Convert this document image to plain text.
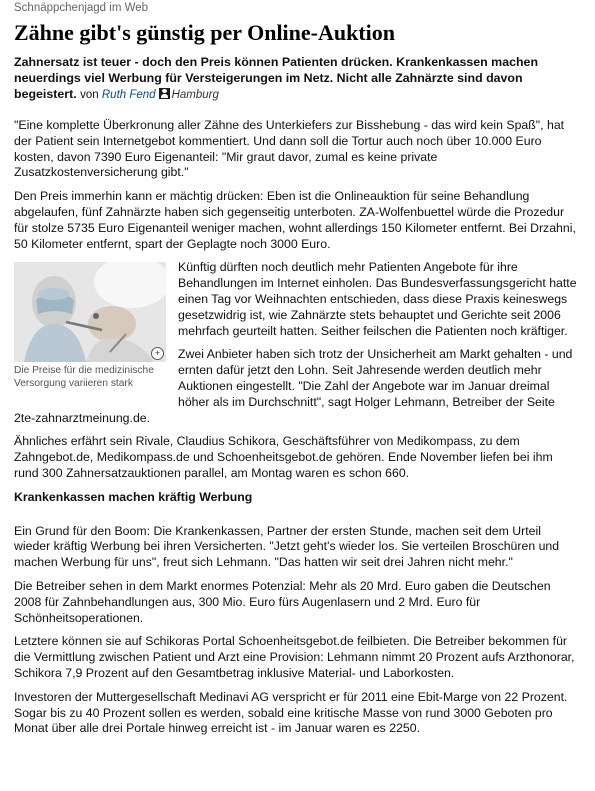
Schnäppchenjagd im Web
Zähne gibt's günstig per Online-Auktion

Zahnersatz ist teuer - doch den Preis können Patienten drücken. Krankenkassen machen neuerdings viel Werbung für Versteigerungen im Netz. Nicht alle Zahnärzte sind davon begeistert. von Ruth Fend Hamburg

"Eine komplette Überkronung aller Zähne des Unterkiefers zur Bisshebung - das wird kein Spaß", hat der Patient sein Internetgebot kommentiert. Und dann soll die Tortur auch noch über 10.000 Euro kosten, davon 7390 Euro Eigenanteil: "Mir graut davor, zumal es keine private Zusatzkostenversicherung gibt."

Den Preis immerhin kann er mächtig drücken: Eben ist die Onlineauktion für seine Behandlung abgelaufen, fünf Zahnärzte haben sich gegenseitig unterboten. ZA-Wolfenbuettel würde die Prozedur für stolze 5735 Euro Eigenanteil weniger machen, wohnt allerdings 150 Kilometer entfernt. Bei Drzahni, 50 Kilometer entfernt, spart der Geplagte noch 3000 Euro.

+
Die Preise für die medizinische Versorgung variieren stark

Künftig dürften noch deutlich mehr Patienten Angebote für ihre Behandlungen im Internet einholen. Das Bundesverfassungsgericht hatte einen Tag vor Weihnachten entschieden, dass diese Praxis keineswegs gesetzwidrig ist, wie Zahnärzte stets behauptet und Gerichte seit 2006 mehrfach geurteilt hatten. Seither feilschen die Patienten noch kräftiger.

Zwei Anbieter haben sich trotz der Unsicherheit am Markt gehalten - und ernten dafür jetzt den Lohn. Seit Jahresende werden deutlich mehr Auktionen eingestellt. "Die Zahl der Angebote war im Januar dreimal höher als im Durchschnitt", sagt Holger Lehmann, Betreiber der Seite 2te-zahnarztmeinung.de.

Ähnliches erfährt sein Rivale, Claudius Schikora, Geschäftsführer von Medikompass, zu dem Zahngebot.de, Medikompass.de und Schoenheitsgebot.de gehören. Ende November liefen bei ihm rund 300 Zahnersatzauktionen parallel, am Montag waren es schon 660.

Krankenkassen machen kräftig Werbung

Ein Grund für den Boom: Die Krankenkassen, Partner der ersten Stunde, machen seit dem Urteil wieder kräftig Werbung bei ihren Versicherten. "Jetzt geht's wieder los. Sie verteilen Broschüren und machen Werbung für uns", freut sich Lehmann. "Das hatten wir seit drei Jahren nicht mehr."

Die Betreiber sehen in dem Markt enormes Potenzial: Mehr als 20 Mrd. Euro gaben die Deutschen 2008 für Zahnbehandlungen aus, 300 Mio. Euro fürs Augenlasern und 2 Mrd. Euro für Schönheitsoperationen.

Letztere können sie auf Schikoras Portal Schoenheitsgebot.de feilbieten. Die Betreiber bekommen für die Vermittlung zwischen Patient und Arzt eine Provision: Lehmann nimmt 20 Prozent aufs Arzthonorar, Schikora 7,9 Prozent auf den Gesamtbetrag inklusive Material- und Laborkosten.

Investoren der Muttergesellschaft Medinavi AG verspricht er für 2011 eine Ebit-Marge von 22 Prozent. Sogar bis zu 40 Prozent sollen es werden, sobald eine kritische Masse von rund 3000 Geboten pro Monat über alle drei Portale hinweg erreicht ist - im Januar waren es 2250.
